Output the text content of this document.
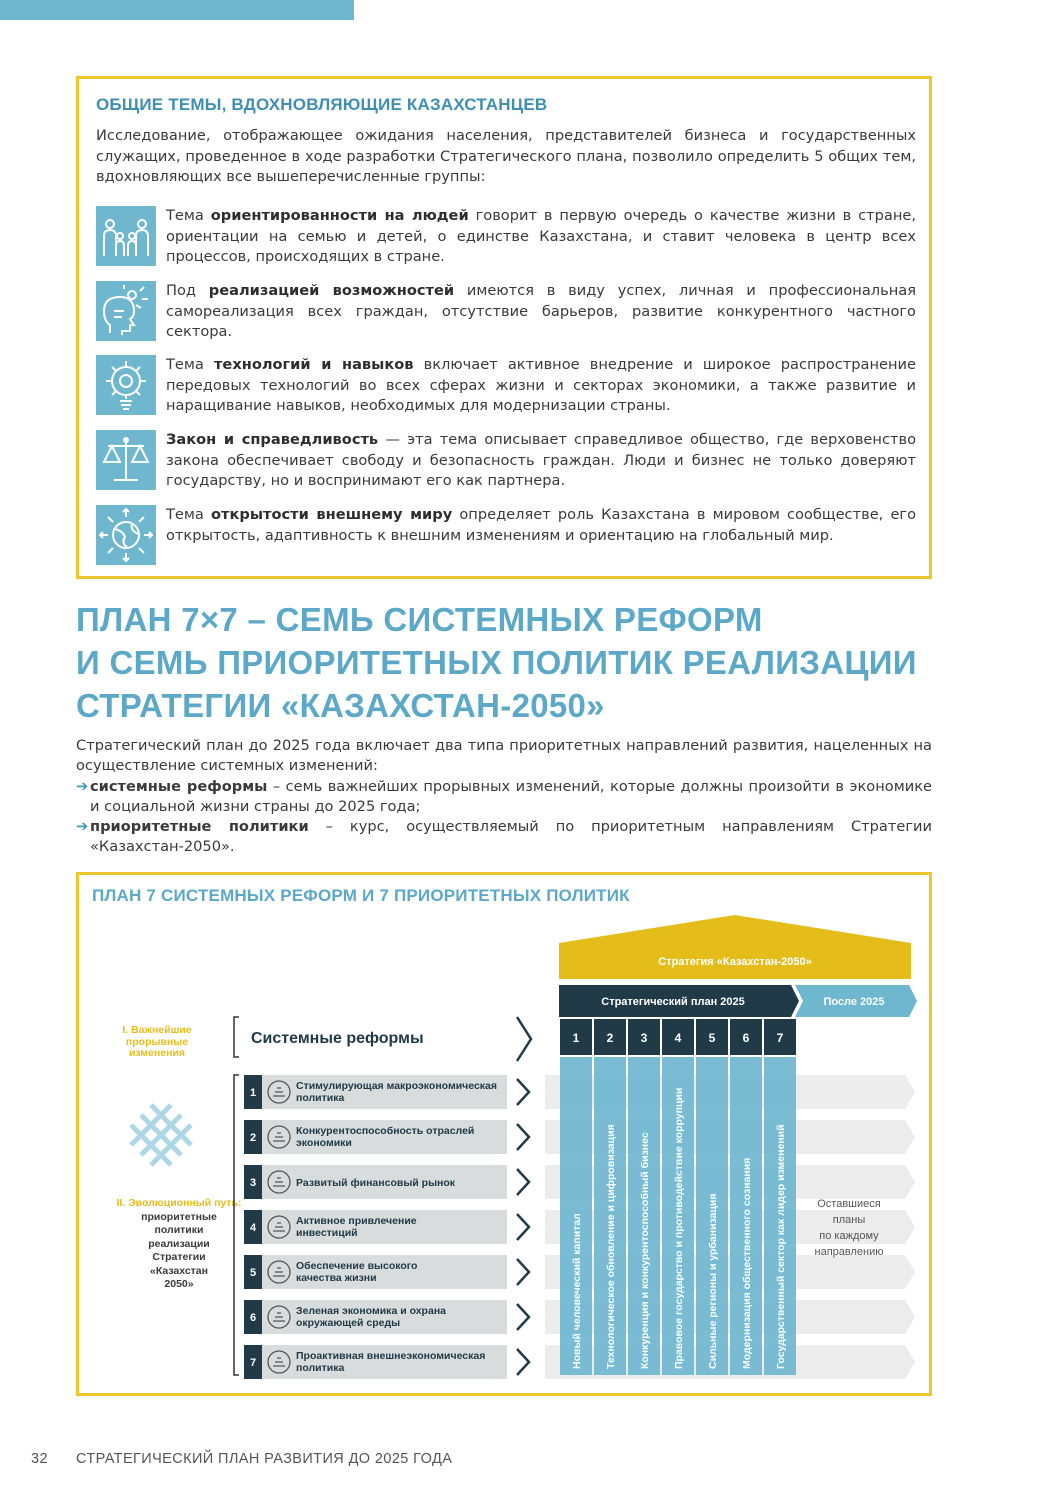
ОБЩИЕ ТЕМЫ, ВДОХНОВЛЯЮЩИЕ КАЗАХСТАНЦЕВ
Исследование, отображающее ожидания населения, представителей бизнеса и государственных служащих, проведенное в ходе разработки Стратегического плана, позволило определить 5 общих тем, вдохновляющих все вышеперечисленные группы:

Тема ориентированности на людей говорит в первую очередь о качестве жизни в стране, ориентации на семью и детей, о единстве Казахстана, и ставит человека в центр всех процессов, происходящих в стране.

Под реализацией возможностей имеются в виду успех, личная и профессиональная самореализация всех граждан, отсутствие барьеров, развитие конкурентного частного сектора.

Тема технологий и навыков включает активное внедрение и широкое распространение передовых технологий во всех сферах жизни и секторах экономики, а также развитие и наращивание навыков, необходимых для модернизации страны.

Закон и справедливость — эта тема описывает справедливое общество, где верховенство закона обеспечивает свободу и безопасность граждан. Люди и бизнес не только доверяют государству, но и воспринимают его как партнера.

Тема открытости внешнему миру определяет роль Казахстана в мировом сообществе, его открытость, адаптивность к внешним изменениям и ориентацию на глобальный мир.

ПЛАН 7×7 – СЕМЬ СИСТЕМНЫХ РЕФОРМ
И СЕМЬ ПРИОРИТЕТНЫХ ПОЛИТИК РЕАЛИЗАЦИИ
СТРАТЕГИИ «КАЗАХСТАН-2050»
Стратегический план до 2025 года включает два типа приоритетных направлений развития, нацеленных на осуществление системных изменений:
➔ системные реформы – семь важнейших прорывных изменений, которые должны произойти в экономике и социальной жизни страны до 2025 года;
➔ приоритетные политики – курс, осуществляемый по приоритетным направлениям Стратегии «Казахстан-2050».
ПЛАН 7 СИСТЕМНЫХ РЕФОРМ И 7 ПРИОРИТЕТНЫХ ПОЛИТИК
Стратегия «Казахстан-2050»
Стратегический план 2025	После 2025
I. Важнейшие
прорывные
изменения
Системные реформы
II. Эволюционный путь:
приоритетные
политики
реализации
Стратегии
«Казахстан
2050»
1
Стимулирующая макроэкономическая
политика
2
Конкурентоспособность отраслей
экономики
3	Развитый финансовый рынок
4
Активное привлечение
инвестиций
5
Обеспечение высокого
качества жизни
6
Зеленая экономика и охрана
окружающей среды
7
Проактивная внешнеэкономическая
политика
1
Новый человеческий капитал
2
Технологическое обновление и цифровизация
3
Конкуренция и конкурентоспособный бизнес
4
Правовое государство и противодействие коррупции
5
Сильные регионы и урбанизация
6
Модернизация общественного сознания
7
Государственный сектор как лидер изменений	Оставшиеся
планы
по каждому
направлению
32 СТРАТЕГИЧЕСКИЙ ПЛАН РАЗВИТИЯ ДО 2025 ГОДА
